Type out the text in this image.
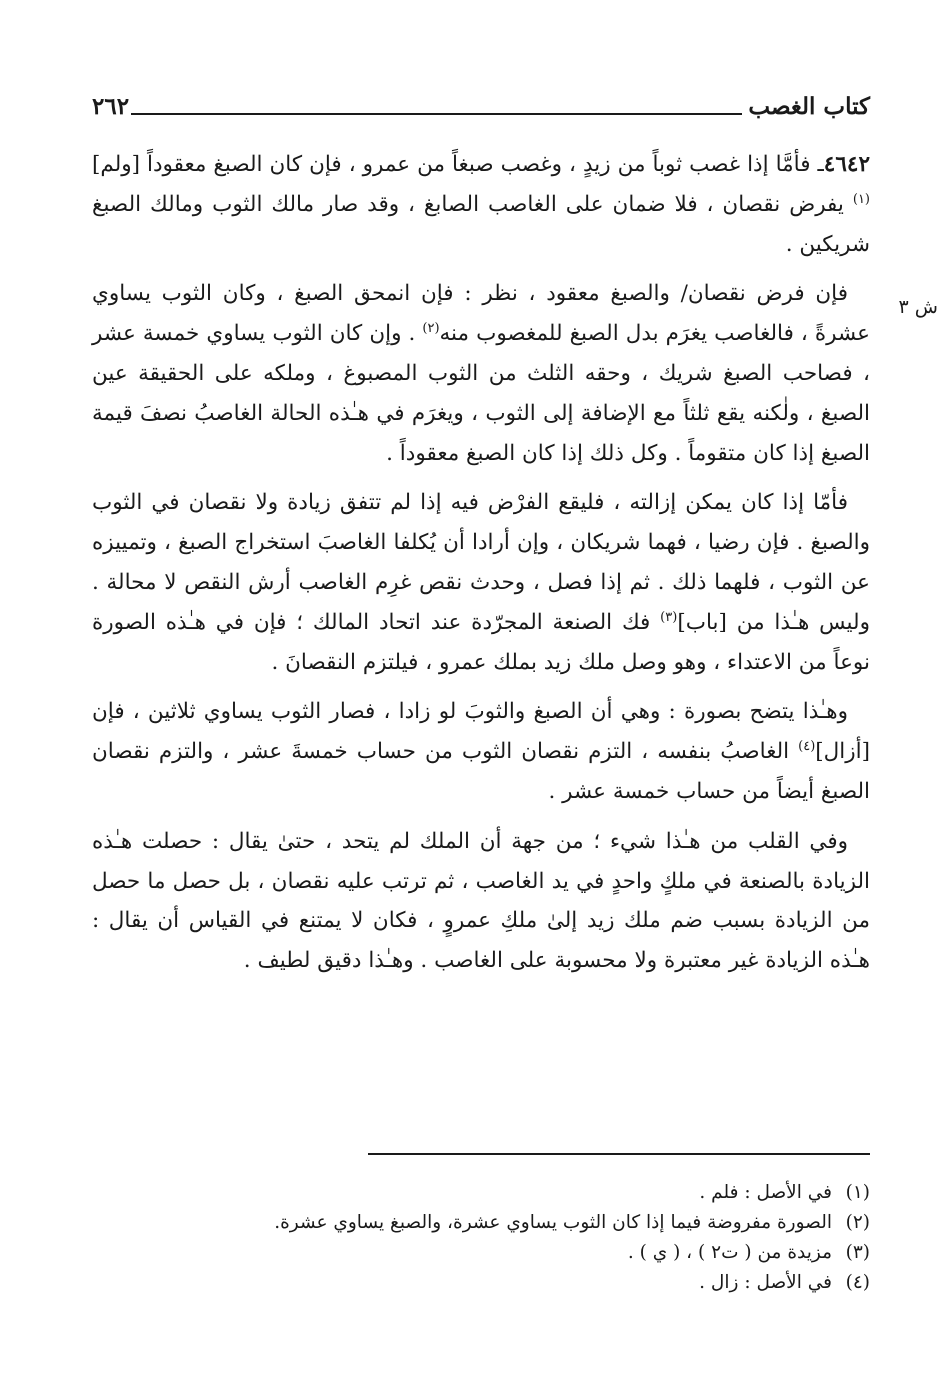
كتاب الغصب
٢٦٢
ش ٣

٤٦٤٢ـ فأمَّا إذا غصب ثوباً من زيدٍ ، وغصب صبغاً من عمرو ، فإن كان الصبغ معقوداً [ولم]$^{(١)}$ يفرض نقصان ، فلا ضمان على الغاصب الصابغ ، وقد صار مالك الثوب ومالك الصبغ شريكين .

فإن فرض نقصان/ والصبغ معقود ، نظر : فإن انمحق الصبغ ، وكان الثوب يساوي عشرةً ، فالغاصب يغرَم بدل الصبغ للمغصوب منه$^{(٢)}$ . وإن كان الثوب يساوي خمسة عشر ، فصاحب الصبغ شريك ، وحقه الثلث من الثوب المصبوغ ، وملكه على الحقيقة عين الصبغ ، ولٰكنه يقع ثلثاً مع الإضافة إلى الثوب ، ويغرَم في هـٰذه الحالة الغاصبُ نصفَ قيمة الصبغ إذا كان متقوماً . وكل ذلك إذا كان الصبغ معقوداً .

فأمّا إذا كان يمكن إزالته ، فليقع الفرْض فيه إذا لم تتفق زيادة ولا نقصان في الثوب والصبغ . فإن رضيا ، فهما شريكان ، وإن أرادا أن يُكلفا الغاصبَ استخراج الصبغ ، وتمييزه عن الثوب ، فلهما ذلك . ثم إذا فصل ، وحدث نقص غرِم الغاصب أرش النقص لا محالة . وليس هـٰذا من [باب]$^{(٣)}$ فك الصنعة المجرّدة عند اتحاد المالك ؛ فإن في هـٰذه الصورة نوعاً من الاعتداء ، وهو وصل ملك زيد بملك عمرو ، فيلتزم النقصانَ .

وهـٰذا يتضح بصورة : وهي أن الصبغ والثوبَ لو زادا ، فصار الثوب يساوي ثلاثين ، فإن [أزال]$^{(٤)}$ الغاصبُ بنفسه ، التزم نقصان الثوب من حساب خمسةَ عشر ، والتزم نقصان الصبغ أيضاً من حساب خمسة عشر .

وفي القلب من هـٰذا شيء ؛ من جهة أن الملك لم يتحد ، حتىٰ يقال : حصلت هـٰذه الزيادة بالصنعة في ملكٍ واحدٍ في يد الغاصب ، ثم ترتب عليه نقصان ، بل حصل ما حصل من الزيادة بسبب ضم ملك زيد إلىٰ ملكِ عمروٍ ، فكان لا يمتنع في القياس أن يقال : هـٰذه الزيادة غير معتبرة ولا محسوبة على الغاصب . وهـٰذا دقيق لطيف .

(١)
في الأصل : فلم .
(٢)
الصورة مفروضة فيما إذا كان الثوب يساوي عشرة، والصبغ يساوي عشرة.
(٣)
مزيدة من ( ت٢ ) ، ( ي ) .
(٤)
في الأصل : زال .
